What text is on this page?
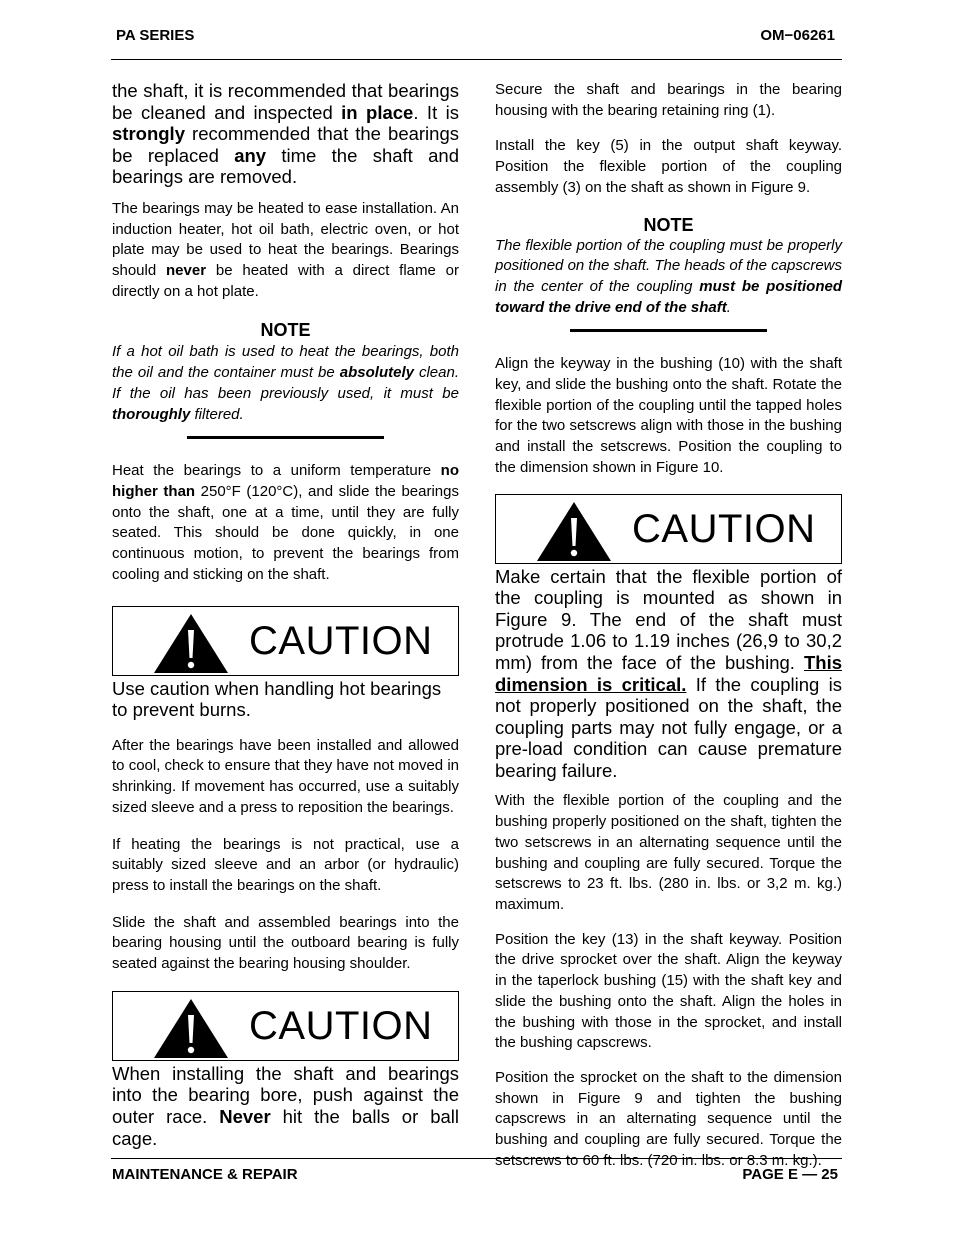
PA SERIES	OM−06261

the shaft, it is recommended that bearings be cleaned and inspected in place. It is strongly recommended that the bearings be replaced any time the shaft and bearings are removed.

The bearings may be heated to ease installation. An induction heater, hot oil bath, electric oven, or hot plate may be used to heat the bearings. Bearings should never be heated with a direct flame or directly on a hot plate.

NOTE

If a hot oil bath is used to heat the bearings, both the oil and the container must be absolutely clean. If the oil has been previously used, it must be thoroughly filtered.

Heat the bearings to a uniform temperature no higher than 250°F (120°C), and slide the bearings onto the shaft, one at a time, until they are fully seated. This should be done quickly, in one continuous motion, to prevent the bearings from cooling and sticking on the shaft.

CAUTION

Use caution when handling hot bearings to prevent burns.

After the bearings have been installed and allowed to cool, check to ensure that they have not moved in shrinking. If movement has occurred, use a suitably sized sleeve and a press to reposition the bearings.

If heating the bearings is not practical, use a suitably sized sleeve and an arbor (or hydraulic) press to install the bearings on the shaft.

Slide the shaft and assembled bearings into the bearing housing until the outboard bearing is fully seated against the bearing housing shoulder.

CAUTION

When installing the shaft and bearings into the bearing bore, push against the outer race. Never hit the balls or ball cage.

Secure the shaft and bearings in the bearing housing with the bearing retaining ring (1).

Install the key (5) in the output shaft keyway. Position the flexible portion of the coupling assembly (3) on the shaft as shown in Figure 9.

NOTE

The flexible portion of the coupling must be properly positioned on the shaft. The heads of the capscrews in the center of the coupling must be positioned toward the drive end of the shaft.

Align the keyway in the bushing (10) with the shaft key, and slide the bushing onto the shaft. Rotate the flexible portion of the coupling until the tapped holes for the two setscrews align with those in the bushing and install the setscrews. Position the coupling to the dimension shown in Figure 10.

CAUTION

Make certain that the flexible portion of the coupling is mounted as shown in Figure 9. The end of the shaft must protrude 1.06 to 1.19 inches (26,9 to 30,2 mm) from the face of the bushing. This dimension is critical. If the coupling is not properly positioned on the shaft, the coupling parts may not fully engage, or a pre-load condition can cause premature bearing failure.

With the flexible portion of the coupling and the bushing properly positioned on the shaft, tighten the two setscrews in an alternating sequence until the bushing and coupling are fully secured. Torque the setscrews to 23 ft. lbs. (280 in. lbs. or 3,2 m. kg.) maximum.

Position the key (13) in the shaft keyway. Position the drive sprocket over the shaft. Align the keyway in the taperlock bushing (15) with the shaft key and slide the bushing onto the shaft. Align the holes in the bushing with those in the sprocket, and install the bushing capscrews.

Position the sprocket on the shaft to the dimension shown in Figure 9 and tighten the bushing capscrews in an alternating sequence until the bushing and coupling are fully secured. Torque the setscrews to 60 ft. lbs. (720 in. lbs. or 8.3 m. kg.).

MAINTENANCE & REPAIR	PAGE E — 25
